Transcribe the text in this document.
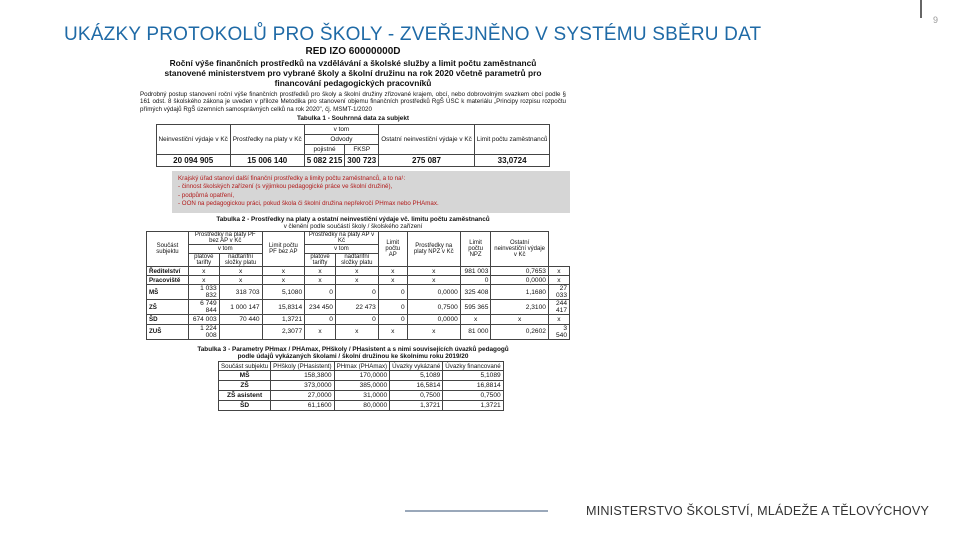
UKÁZKY PROTOKOLŮ PRO ŠKOLY - ZVEŘEJNĚNO V SYSTÉMU SBĚRU DAT
9
RED IZO 60000000D
Roční výše finančních prostředků na vzdělávání a školské služby a limit počtu zaměstnanců stanovené ministerstvem pro vybrané školy a školní družinu na rok 2020 včetně parametrů pro financování pedagogických pracovníků
Podrobný postup stanovení roční výše finančních prostředků pro školy a školní družiny zřizované krajem, obcí, nebo dobrovolným svazkem obcí podle § 161 odst. 8 školského zákona je uveden v příloze Metodika pro stanovení objemu finančních prostředků RgŠ ÚSC k materiálu „Principy rozpisu rozpočtu přímých výdajů RgŠ územních samosprávných celků na rok 2020", čj. MSMT-1/2020
Tabulka 1 - Souhrnná data za subjekt
Neinvestiční výdaje v Kč	Prostředky na platy v Kč	v tom		Ostatní neinvestiční výdaje v Kč	Limit počtu zaměstnanců
		Odvody			
		pojistné	FKSP		
20 094 905	15 006 140	5 082 215	300 723	275 087	33,0724
Krajský úřad stanoví další finanční prostředky a limity počtu zaměstnanců, a to na¹:
- činnost školských zařízení (s výjimkou pedagogické práce ve školní družině),
- podpůrná opatření,
- OON na pedagogickou práci, pokud škola či školní družina nepřekročí PHmax nebo PHAmax.
Tabulka 2 - Prostředky na platy a ostatní neinvestiční výdaje vč. limitu počtu zaměstnanců
v členění podle součástí školy / školského zařízení
Součást subjektu	Prostředky na platy PF bez AP v Kč		Limit počtu PF bez AP	Prostředky na platy AP v Kč		Limit počtu AP	Prostředky na platy NPZ v Kč	Limit počtu NPZ	Ostatní neinvestiční výdaje v Kč	
	v tom			v tom						
	platové tarifty	nadtarifní složky platu		platové tarifty	nadtarifní složky platu					
Ředitelství	x	x	x	x	x	x	x	981 003	0,7653	x
Pracoviště	x	x	x	x	x	x	x	0	0,0000	x
MŠ	1 033 832	318 703	5,1080	0	0	0	0,0000	325 408	1,1680	27 033
ZŠ	6 749 844	1 000 147	15,8314	234 450	22 473	0	0,7500	595 365	2,3100	244 417
ŠD	674 003	70 440	1,3721	0	0	0	0,0000	x	x	x
ZUŠ	1 224 008		2,3077	x	x	x	x	81 000	0,2602	3 540
Tabulka 3 - Parametry PHmax / PHAmax, PHškoly / PHasistent a s nimi souvisejících úvazků pedagogů
podle údajů vykázaných školami / školní družinou ke školnímu roku 2019/20
Součást subjektu	PHškoly (PHasistent)	PHmax (PHAmax)	Úvazky vykázané	Úvazky financované
MŠ	158,3800	170,0000	5,1089	5,1089
ZŠ	373,0000	385,0000	16,5814	16,8814
ZŠ asistent	27,0000	31,0000	0,7500	0,7500
ŠD	61,1600	80,0000	1,3721	1,3721
MINISTERSTVO ŠKOLSTVÍ, MLÁDEŽE A TĚLOVÝCHOVY
